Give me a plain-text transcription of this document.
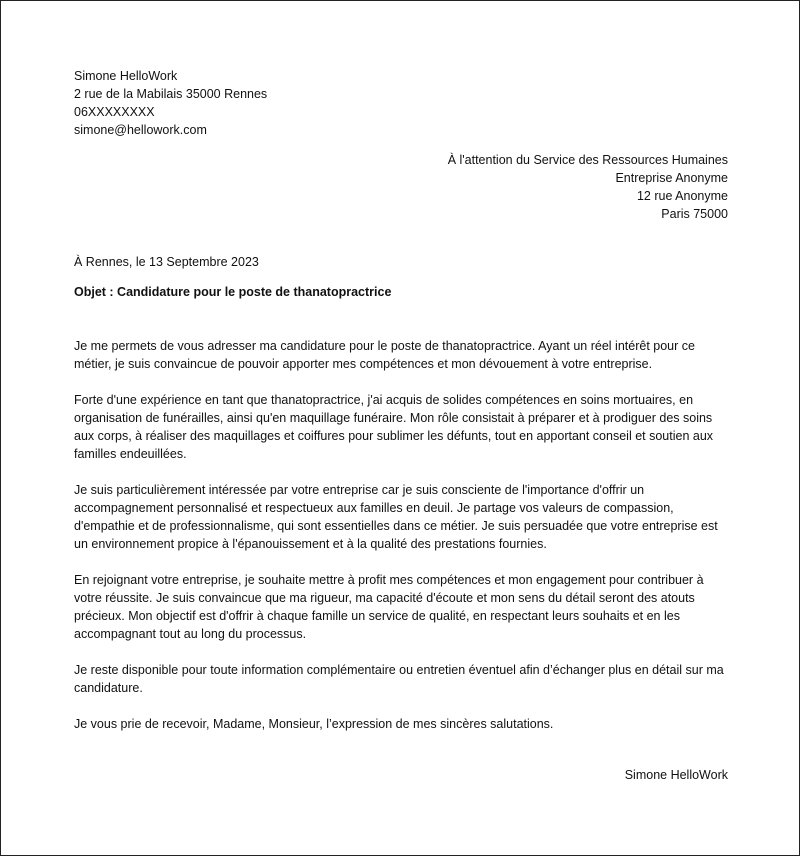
Simone HelloWork
2 rue de la Mabilais 35000 Rennes
06XXXXXXXX
simone@hellowork.com
À l'attention du Service des Ressources Humaines
Entreprise Anonyme
12 rue Anonyme
Paris 75000
À Rennes, le 13 Septembre 2023
Objet : Candidature pour le poste de thanatopractrice

Je me permets de vous adresser ma candidature pour le poste de thanatopractrice. Ayant un réel intérêt pour ce métier, je suis convaincue de pouvoir apporter mes compétences et mon dévouement à votre entreprise.

Forte d'une expérience en tant que thanatopractrice, j'ai acquis de solides compétences en soins mortuaires, en organisation de funérailles, ainsi qu'en maquillage funéraire. Mon rôle consistait à préparer et à prodiguer des soins aux corps, à réaliser des maquillages et coiffures pour sublimer les défunts, tout en apportant conseil et soutien aux familles endeuillées.

Je suis particulièrement intéressée par votre entreprise car je suis consciente de l'importance d'offrir un accompagnement personnalisé et respectueux aux familles en deuil. Je partage vos valeurs de compassion, d'empathie et de professionnalisme, qui sont essentielles dans ce métier. Je suis persuadée que votre entreprise est un environnement propice à l'épanouissement et à la qualité des prestations fournies.

En rejoignant votre entreprise, je souhaite mettre à profit mes compétences et mon engagement pour contribuer à votre réussite. Je suis convaincue que ma rigueur, ma capacité d'écoute et mon sens du détail seront des atouts précieux. Mon objectif est d'offrir à chaque famille un service de qualité, en respectant leurs souhaits et en les accompagnant tout au long du processus.

Je reste disponible pour toute information complémentaire ou entretien éventuel afin d’échanger plus en détail sur ma candidature.

Je vous prie de recevoir, Madame, Monsieur, l’expression de mes sincères salutations.

Simone HelloWork
